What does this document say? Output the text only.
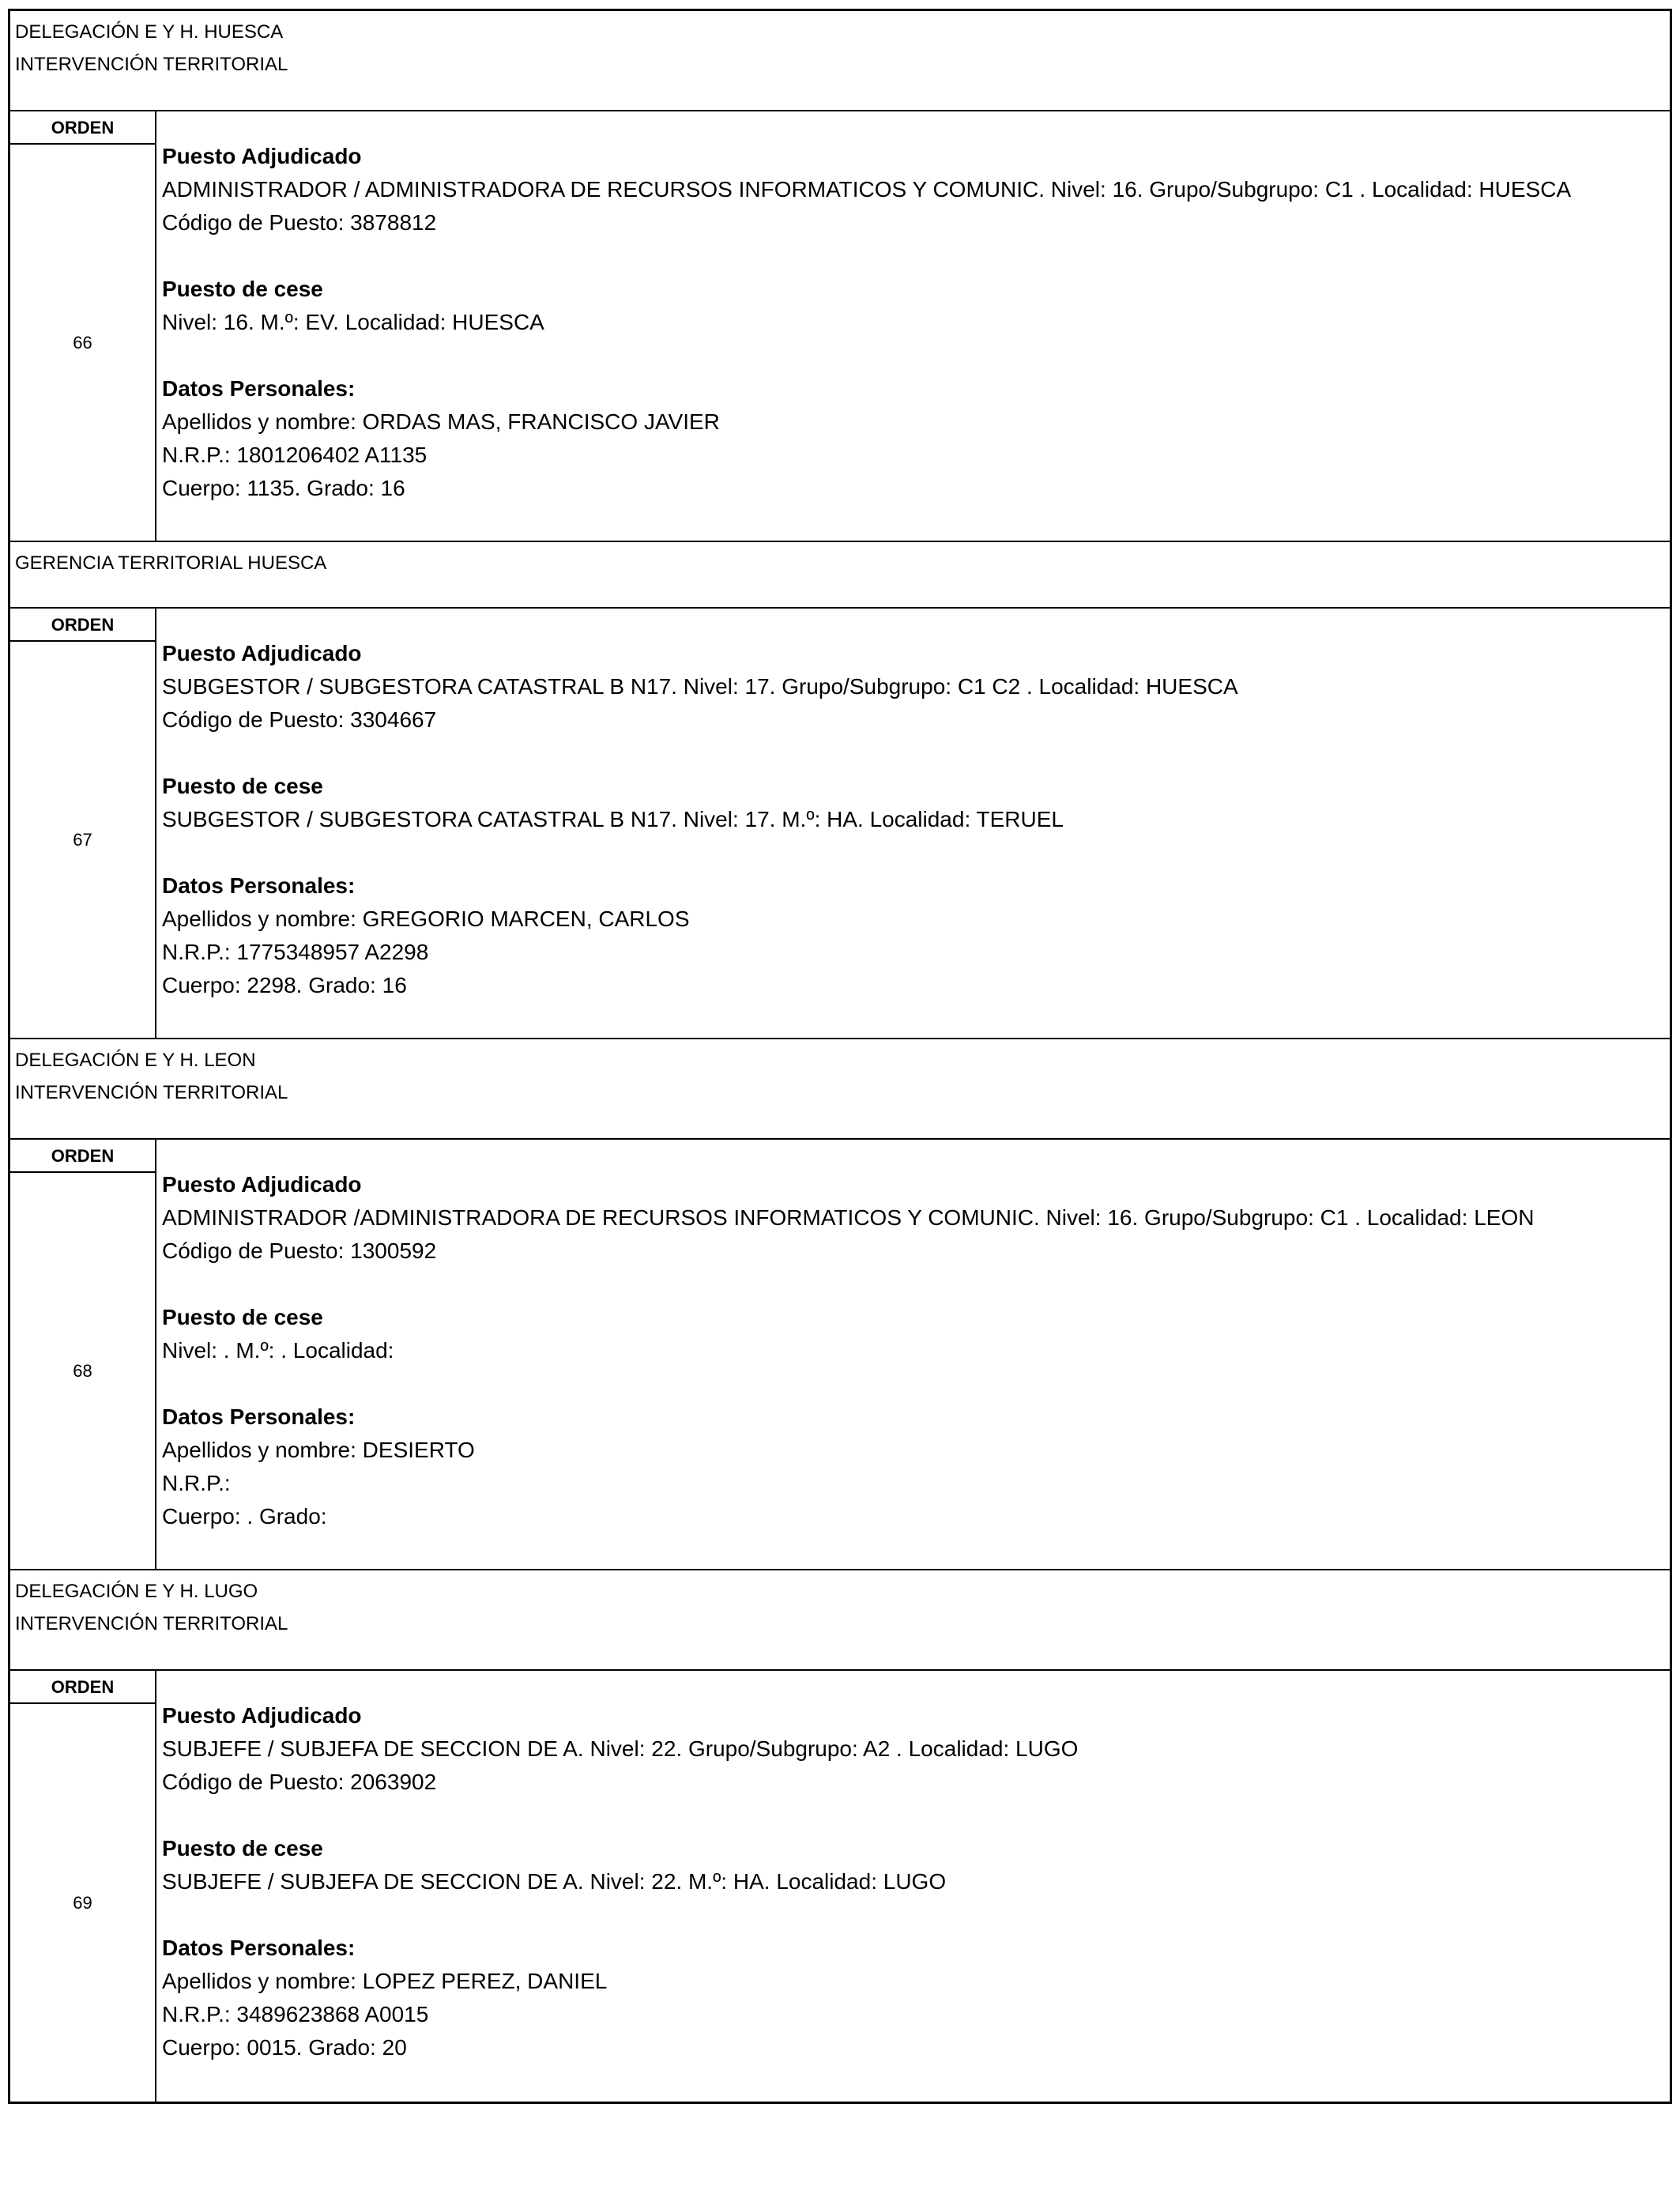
DELEGACIÓN E Y H. HUESCA
INTERVENCIÓN TERRITORIAL
ORDEN
66
Puesto Adjudicado
ADMINISTRADOR / ADMINISTRADORA DE RECURSOS INFORMATICOS Y COMUNIC. Nivel: 16. Grupo/Subgrupo: C1 . Localidad: HUESCA
Código de Puesto: 3878812
Puesto de cese
Nivel: 16. M.º: EV. Localidad: HUESCA
Datos Personales:
Apellidos y nombre: ORDAS MAS, FRANCISCO JAVIER
N.R.P.: 1801206402 A1135
Cuerpo: 1135. Grado: 16
GERENCIA TERRITORIAL HUESCA
ORDEN
67
Puesto Adjudicado
SUBGESTOR / SUBGESTORA CATASTRAL B N17. Nivel: 17. Grupo/Subgrupo: C1 C2 . Localidad: HUESCA
Código de Puesto: 3304667
Puesto de cese
SUBGESTOR / SUBGESTORA CATASTRAL B N17. Nivel: 17. M.º: HA. Localidad: TERUEL
Datos Personales:
Apellidos y nombre: GREGORIO MARCEN, CARLOS
N.R.P.: 1775348957 A2298
Cuerpo: 2298. Grado: 16
DELEGACIÓN E Y H. LEON
INTERVENCIÓN TERRITORIAL
ORDEN
68
Puesto Adjudicado
ADMINISTRADOR /ADMINISTRADORA DE RECURSOS INFORMATICOS Y COMUNIC. Nivel: 16. Grupo/Subgrupo: C1 . Localidad: LEON
Código de Puesto: 1300592
Puesto de cese
Nivel: . M.º: . Localidad:
Datos Personales:
Apellidos y nombre: DESIERTO
N.R.P.:
Cuerpo: . Grado:
DELEGACIÓN E Y H. LUGO
INTERVENCIÓN TERRITORIAL
ORDEN
69
Puesto Adjudicado
SUBJEFE / SUBJEFA DE SECCION DE A. Nivel: 22. Grupo/Subgrupo: A2 . Localidad: LUGO
Código de Puesto: 2063902
Puesto de cese
SUBJEFE / SUBJEFA DE SECCION DE A. Nivel: 22. M.º: HA. Localidad: LUGO
Datos Personales:
Apellidos y nombre: LOPEZ PEREZ, DANIEL
N.R.P.: 3489623868 A0015
Cuerpo: 0015. Grado: 20
